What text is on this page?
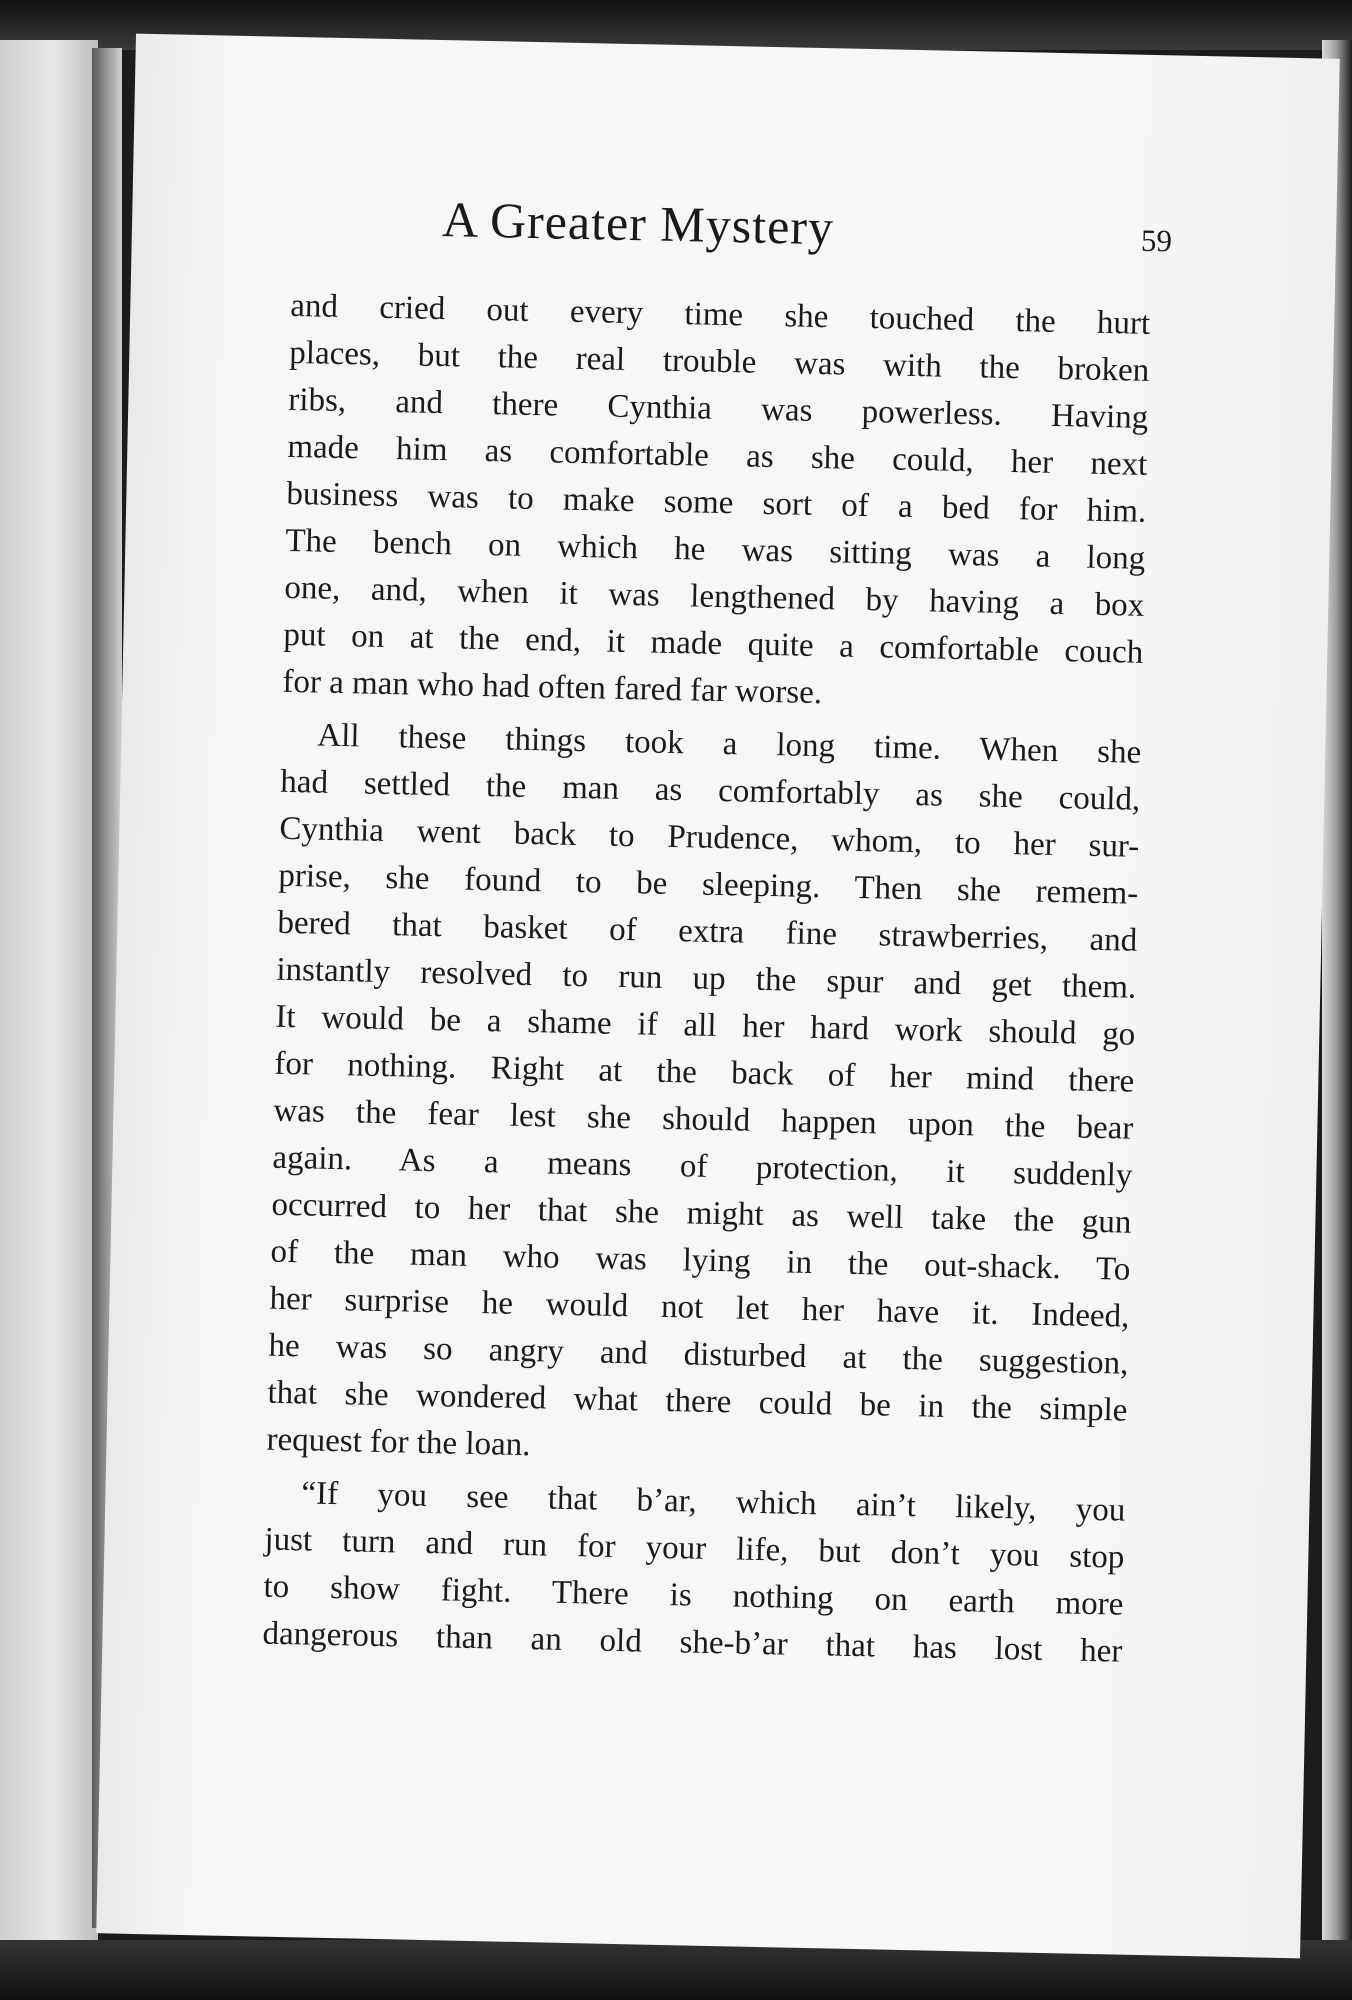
A Greater Mystery	59
and cried out every time she touched the hurt
places, but the real trouble was with the broken
ribs, and there Cynthia was powerless. Having
made him as comfortable as she could, her next
business was to make some sort of a bed for him.
The bench on which he was sitting was a long
one, and, when it was lengthened by having a box
put on at the end, it made quite a comfortable couch
for a man who had often fared far worse.
All these things took a long time. When she
had settled the man as comfortably as she could,
Cynthia went back to Prudence, whom, to her sur-
prise, she found to be sleeping. Then she remem-
bered that basket of extra fine strawberries, and
instantly resolved to run up the spur and get them.
It would be a shame if all her hard work should go
for nothing. Right at the back of her mind there
was the fear lest she should happen upon the bear
again. As a means of protection, it suddenly
occurred to her that she might as well take the gun
of the man who was lying in the out-shack. To
her surprise he would not let her have it. Indeed,
he was so angry and disturbed at the suggestion,
that she wondered what there could be in the simple
request for the loan.
“If you see that b’ar, which ain’t likely, you
just turn and run for your life, but don’t you stop
to show fight. There is nothing on earth more
dangerous than an old she-b’ar that has lost her
